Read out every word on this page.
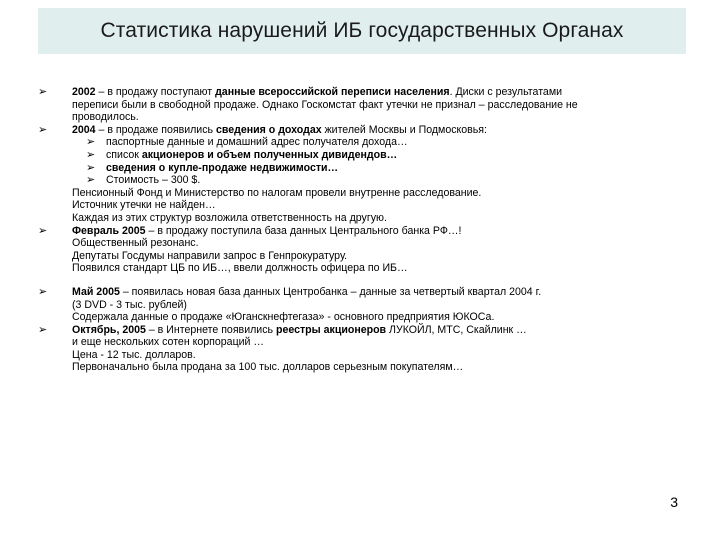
Статистика нарушений ИБ государственных Органах
➢ 2002 – в продажу поступают данные всероссийской переписи населения. Диски с результатами
переписи были в свободной продаже. Однако Госкомстат факт утечки не признал – расследование не
проводилось.
➢ 2004 – в продаже появились сведения о доходах жителей Москвы и Подмосковья:
➢ паспортные данные и домашний адрес получателя дохода…
➢ список акционеров и объем полученных дивидендов…
➢ сведения о купле-продаже недвижимости…
➢ Стоимость – 300 $.
Пенсионный Фонд и Министерство по налогам провели внутренне расследование.
Источник утечки не найден…
Каждая из этих структур возложила ответственность на другую.
➢ Февраль 2005 – в продажу поступила база данных Центрального банка РФ…!
Общественный резонанс.
Депутаты Госдумы направили запрос в Генпрокуратуру.
Появился стандарт ЦБ по ИБ…, ввели должность офицера по ИБ…
➢ Май 2005 – появилась новая база данных Центробанка – данные за четвертый квартал 2004 г.
(3 DVD - 3 тыс. рублей)
Содержала данные о продаже «Юганскнефтегаза» - основного предприятия ЮКОСа.
➢ Октябрь, 2005 – в Интернете появились реестры акционеров ЛУКОЙЛ, МТС, Скайлинк …
и еще нескольких сотен корпораций …
Цена - 12 тыс. долларов.
Первоначально была продана за 100 тыс. долларов серьезным покупателям…
3
